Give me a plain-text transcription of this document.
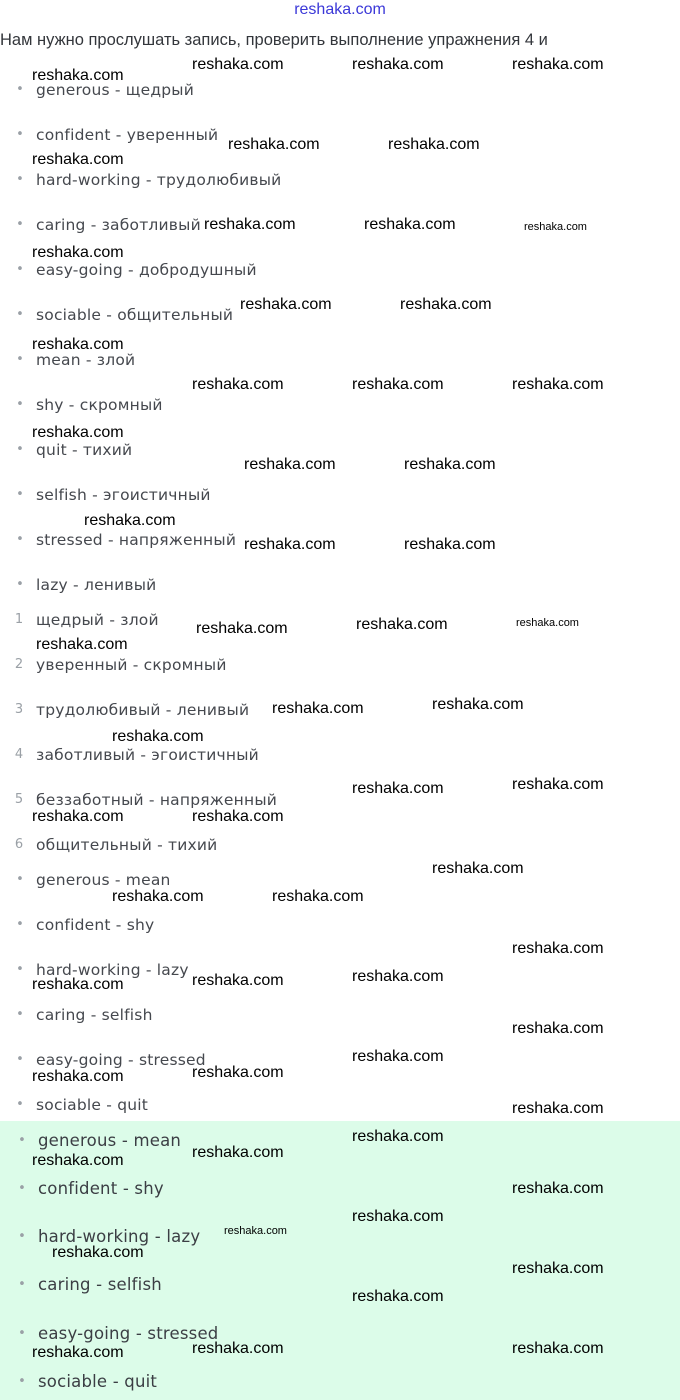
reshaka.com
Нам нужно прослушать запись, проверить выполнение упражнения 4 и
• generous - щедрый
• confident - уверенный
• hard-working - трудолюбивый
• caring - заботливый
• easy-going - добродушный
• sociable - общительный
• mean - злой
• shy - скромный
• quit - тихий
• selfish - эгоистичный
• stressed - напряженный
• lazy - ленивый
1 щедрый - злой
2 уверенный - скромный
3 трудолюбивый - ленивый
4 заботливый - эгоистичный
5 беззаботный - напряженный
6 общительный - тихий
• generous - mean
• confident - shy
• hard-working - lazy
• caring - selfish
• easy-going - stressed
• sociable - quit
• generous - mean
• confident - shy
• hard-working - lazy
• caring - selfish
• easy-going - stressed
• sociable - quit
reshaka.com
reshaka.com	reshaka.com	reshaka.com
reshaka.com
reshaka.com	reshaka.com
reshaka.com
reshaka.com	reshaka.com	reshaka.com
reshaka.com	reshaka.com
reshaka.com
reshaka.com	reshaka.com	reshaka.com
reshaka.com
reshaka.com	reshaka.com
reshaka.com
reshaka.com	reshaka.com
reshaka.com
reshaka.com	reshaka.com	reshaka.com
reshaka.com	reshaka.com
reshaka.com
reshaka.com	reshaka.com
reshaka.com	reshaka.com
reshaka.com
reshaka.com	reshaka.com
reshaka.com
reshaka.com	reshaka.com	reshaka.com
reshaka.com
reshaka.com
reshaka.com	reshaka.com
reshaka.com
reshaka.com
reshaka.com	reshaka.com
reshaka.com
reshaka.com
reshaka.com
reshaka.com
reshaka.com
reshaka.com
reshaka.com	reshaka.com	reshaka.com
